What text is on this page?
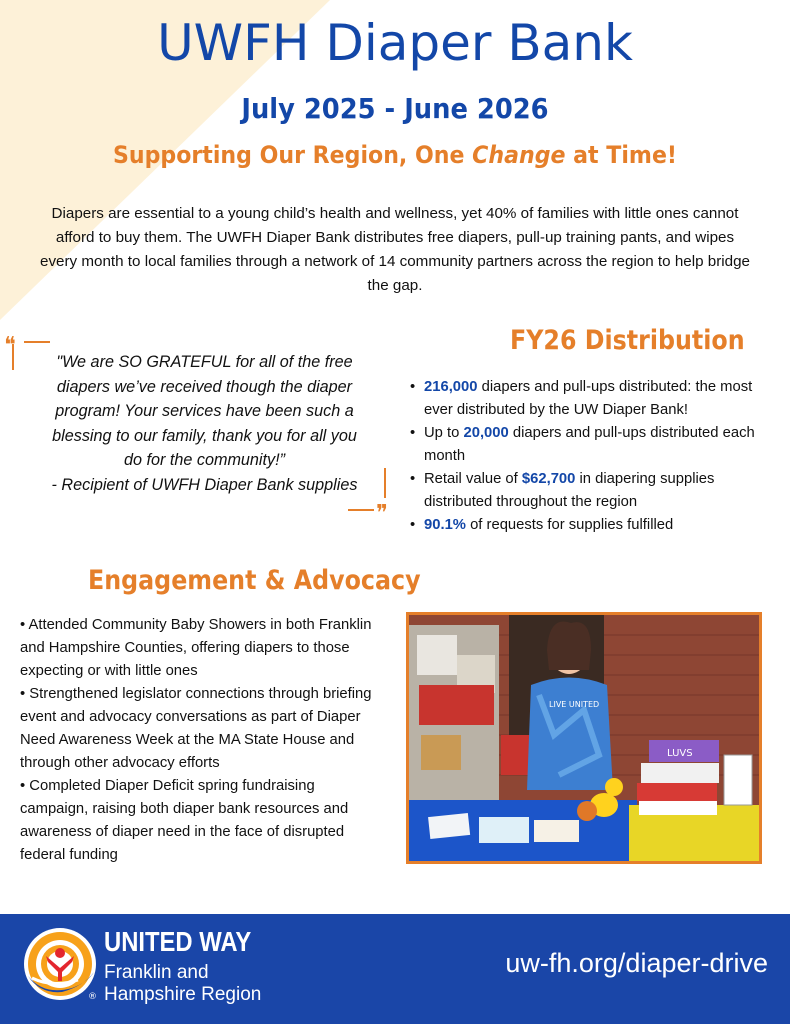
UWFH Diaper Bank
July 2025 - June 2026
Supporting Our Region, One Change at Time!

Diapers are essential to a young child’s health and wellness, yet 40% of families with little ones cannot afford to buy them. The UWFH Diaper Bank distributes free diapers, pull-up training pants, and wipes every month to local families through a network of 14 community partners across the region to help bridge the gap.

❝
❞
"We are SO GRATEFUL for all of the free
diapers we’ve received though the diaper
program! Your services have been such a
blessing to our family, thank you for all you
do for the community!”
- Recipient of UWFH Diaper Bank supplies
FY26 Distribution
• 216,000 diapers and pull-ups distributed: the most ever distributed by the UW Diaper Bank!
• Up to 20,000 diapers and pull-ups distributed each month
• Retail value of $62,700 in diapering supplies distributed throughout the region
• 90.1% of requests for supplies fulfilled
Engagement & Advocacy
• Attended Community Baby Showers in both Franklin
and Hampshire Counties, offering diapers to those
expecting or with little ones
• Strengthened legislator connections through briefing
event and advocacy conversations as part of Diaper
Need Awareness Week at the MA State House and
through other advocacy efforts
• Completed Diaper Deficit spring fundraising
campaign, raising both diaper bank resources and
awareness of diaper need in the face of disrupted
federal funding
LIVE UNITED
LUVS
®

UNITED WAY

Franklin and

Hampshire Region

uw-fh.org/diaper-drive
